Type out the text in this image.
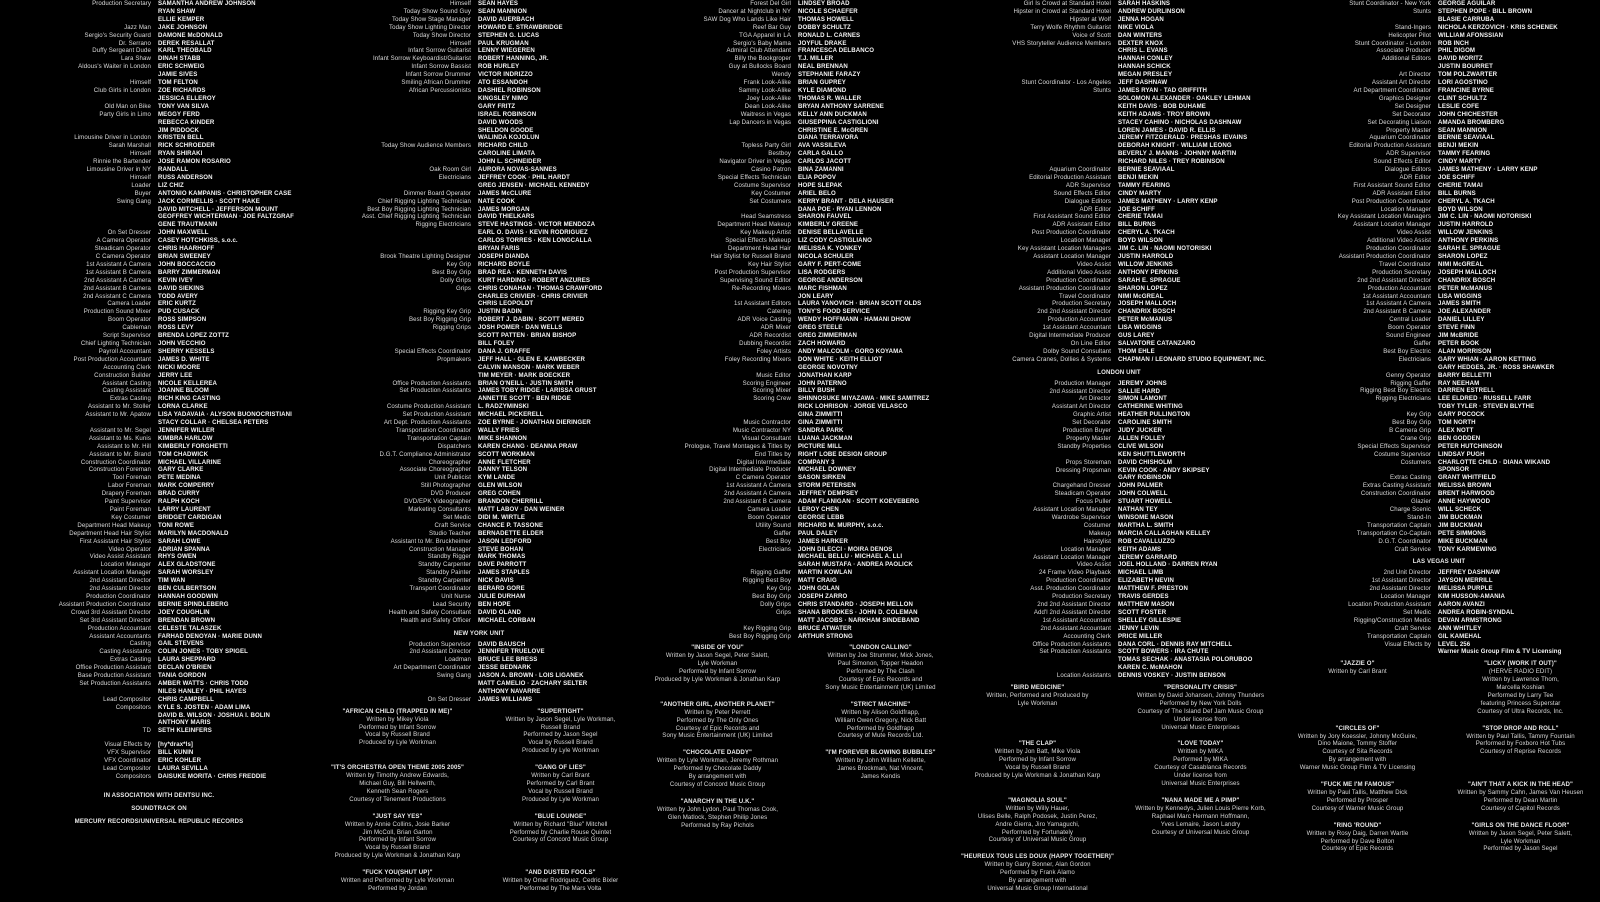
Production Secretary	SAMANTHA ANDREW JOHNSON
RYAN SHAW
ELLIE KEMPER
Jazz Man	JAKE JOHNSON
Sergio's Security Guard	DAMONE McDONALD
Dr. Serrano	DEREK RESALLAT
Duffy Sergeant Dude	KARL THEOBALD
Lara Shaw	DINAH STABB
Aldous's Waiter in London	ERIC SCHWEIG
JAMIE SIVES
Himself	TOM FELTON
Club Girls in London	ZOE RICHARDS
JESSICA ELLEROY
Old Man on Bike	TONY VAN SILVA
Party Girls in Limo	MEGGY FERD
REBECCA KINDER
JIM PIDDOCK
Limousine Driver in London	KRISTEN BELL
Sarah Marshall	RICK SCHROEDER
Himself	RYAN SHIRAKI
Rinnie the Bartender	JOSE RAMON ROSARIO
Limousine Driver in NY	RANDALL
Himself	RUSS ANDERSON
Loader	LIZ CHIZ
Buyer	ANTONIO KAMPANIS · CHRISTOPHER CASE
Swing Gang	JACK CORMELLIS · SCOTT HAKE
DAVID MITCHELL · JEFFERSON MOUNT
GEOFFREY WICHTERMAN · JOE FALTZGRAF
GENE TRAUTMANN
On Set Dresser	JOHN MAXWELL
A Camera Operator	CASEY HOTCHKISS, s.o.c.
Steadicam Operator	CHRIS HAARHOFF
C Camera Operator	BRIAN SWEENEY
1st Assistant A Camera	JOHN BOCCACCIO
1st Assistant B Camera	BARRY ZIMMERMAN
2nd Assistant A Camera	KEVIN IVEY
2nd Assistant B Camera	DAVID SIEKINS
2nd Assistant C Camera	TODD AVERY
Camera Loader	ERIC KURTZ
Production Sound Mixer	PUD CUSACK
Boom Operator	ROSS SIMPSON
Cableman	ROSS LEVY
Script Supervisor	BRENDA LOPEZ ZOTTZ
Chief Lighting Technician	JOHN VECCHIO
Payroll Accountant	SHERRY KESSELS
Post Production Accountant	JAMES D. WHITE
Accounting Clerk	NICKI MOORE
Construction Builder	JERRY LEE
Assistant Casting	NICOLE KELLEREA
Casting Assistant	JOANNE BLOOM
Extras Casting	RICH KING CASTING
Assistant to Mr. Stoller	LORNA CLARKE
Assistant to Mr. Apatow	LISA YADAVAIA · ALYSON BUONOCRISTIANI
STACY COLLAR · CHELSEA PETERS
Assistant to Mr. Segel	JENNIFER WILLER
Assistant to Ms. Kunis	KIMBRA HARLOW
Assistant to Mr. Hill	KIMBERLY FORGHETTI
Assistant to Mr. Brand	TOM CHADWICK
Construction Coordinator	MICHAEL VILLARINE
Construction Foreman	GARY CLARKE
Tool Foreman	PETE MEDINA
Labor Foreman	MARK COMPERRY
Drapery Foreman	BRAD CURRY
Paint Supervisor	RALPH KOCH
Paint Foreman	LARRY LAURENT
Key Costumer	BRIDGET CARDIGAN
Department Head Makeup	TONI ROWE
Department Head Hair Stylist	MARILYN MACDONALD
First Assistant Hair Stylist	SARAH LOWE
Video Operator	ADRIAN SPANNA
Video Assist Assistant	RHYS OWEN
Location Manager	ALEX GLADSTONE
Assistant Location Manager	SARAH WORSLEY
2nd Assistant Director	TIM WAN
2nd Assistant Director	BEN CULBERTSON
Production Coordinator	HANNAH GOODWIN
Assistant Production Coordinator	BERNIE SPINDLEBERG
Crowd 3rd Assistant Director	JOEY COUGHLIN
Set 3rd Assistant Director	BRENDAN BROWN
Production Accountant	CELESTE TALASZEK
Assistant Accountants	FARHAD DENOYAN · MARIE DUNN
Casting	GAIL STEVENS
Casting Assistants	COLIN JONES · TOBY SPIGEL
Extras Casting	LAURA SHEPPARD
Office Production Assistant	DECLAN O'BRIEN
Base Production Assistant	TANIA GORDON
Set Production Assistants	AMBER WATTS · CHRIS TODD
NILES HANLEY · PHIL HAYES
Lead Compositor	CHRIS CAMPBELL
Compositors	KYLE S. JOSTEN · ADAM LIMA
DAVID B. WILSON · JOSHUA I. BOLIN
ANTHONY MARIS
TD	SETH KLEINFERS
Visual Effects by	[hy*drax*ls]
VFX Supervisor	BILL KUNIN
VFX Coordinator	ERIC KOHLER
Lead Compositor	LAURA SEVILLA
Compositors	DAISUKE MORITA · CHRIS FREDDIE
IN ASSOCIATION WITH DENTSU INC.
SOUNDTRACK ON
MERCURY RECORDS/UNIVERSAL REPUBLIC RECORDS
Himself	SEAN HAYES
Today Show Sound Guy	SEAN MANNION
Today Show Stage Manager	DAVID AUERBACH
Today Show Lighting Director	HOWARD E. STRAWBRIDGE
Today Show Director	STEPHEN G. LUCAS
Himself	PAUL KRUGMAN
Infant Sorrow Guitarist	LENNY WIEGEREN
Infant Sorrow Keyboardist/Guitarist	ROBERT HANNING, JR.
Infant Sorrow Bassist	ROB HURLEY
Infant Sorrow Drummer	VICTOR INDRIZZO
Smiling African Drummer	ATO ESSANDOH
African Percussionists	DASHIEL ROBINSON
KINGSLEY NIMO
GARY FRITZ
ISRAEL ROBINSON
DAVID WOODS
SHELDON GOODE
WALINDA KOJOLUN
Today Show Audience Members	RICHARD CHILD
CAROLINE LIMATA
JOHN L. SCHNEIDER
Oak Room Girl	AURORA NOVAS-SANNES
Electricians	JEFFREY COOK · PHIL HARDT
GREG JENSEN · MICHAEL KENNEDY
Dimmer Board Operator	JAMES McCLURE
Chief Rigging Lighting Technician	NATE COOK
Best Boy Rigging Lighting Technician	JAMES MORGAN
Asst. Chief Rigging Lighting Technician	DAVID THIELKARS
Rigging Electricians	STEVE HASTINGS · VICTOR MENDOZA
EARL O. DAVIS · KEVIN RODRIGUEZ
CARLOS TORRES · KEN LONGCALLA
BRYAN FARIS
Brook Theatre Lighting Designer	JOSEPH DIANDA
Key Grip	RICHARD BOYLE
Best Boy Grip	BRAD REA · KENNETH DAVIS
Dolly Grips	KURT HARDING · ROBERT ANZURES
Grips	CHRIS CONAHAN · THOMAS CRAWFORD
CHARLES CRIVIER · CHRIS CRIVIER
CHRIS LEOPOLDT
Rigging Key Grip	JUSTIN BADIN
Best Boy Rigging Grip	ROBERT J. DABIN · SCOTT MERED
Rigging Grips	JOSH POMER · DAN WELLS
SCOTT PATTEN · BRIAN BISHOP
BILL FOLEY
Special Effects Coordinator	DANA J. GRAFFE
Propmakers	JEFF HALL · GLEN E. KAWBECKER
CALVIN MANSON · MARK WEBER
TIM MEYER · MARK BOECKER
Office Production Assistants	BRIAN O'NEILL · JUSTIN SMITH
Set Production Assistants	JAMES TOBY RIDGE · LARISSA GRUST
ANNETTE SCOTT · BEN RIDGE
Costume Production Assistant	L. RADZYMINSKI
Set Production Assistant	MICHAEL PICKERELL
Art Dept. Production Assistants	ZOE BYRNE · JONATHAN DIERINGER
Transportation Coordinator	WALLY FRIES
Transportation Captain	MIKE SHANNON
Dispatchers	KAREN CHANG · DEANNA PRAW
D.G.T. Compliance Administrator	SCOTT WORKMAN
Choreographer	ANNE FLETCHER
Associate Choreographer	DANNY TELSON
Unit Publicist	KYM LANDE
Still Photographer	GLEN WILSON
DVD Producer	GREG COHEN
DVD/EPK Videographer	BRANDON CHERRILL
Marketing Consultants	MATT LABOV · DAN WEINER
Set Medic	DIDI M. WIRTLE
Craft Service	CHANCE P. TASSONE
Studio Teacher	BERNADETTE ELDER
Assistant to Mr. Bruckheimer	JASON LEDFORD
Construction Manager	STEVE BOHAN
Standby Rigger	MARK THOMAS
Standby Carpenter	DAVE PARROTT
Standby Painter	JAMES STAPLES
Standby Carpenter	NICK DAVIS
Transport Coordinator	BERARD GORE
Unit Nurse	JULIE DURHAM
Lead Security	BEN HOPE
Health and Safety Consultant	DAVID OLAND
Health and Safety Officer	MICHAEL CORBAN
NEW YORK UNIT
Production Supervisor	DAVID BAUSCH
2nd Assistant Director	JENNIFER TRUELOVE
Loadman	BRUCE LEE BRESS
Art Department Coordinator	JESSE BEDNARK
Swing Gang	JASON A. BROWN · LOIS LIGANEK
MATT CAMELIO · ZACHARY SELTER
ANTHONY NAVARRE
On Set Dresser	JAMES WILLIAMS
"AFRICAN CHILD (TRAPPED IN ME)"
Written by Mikey Viola
Performed by Infant Sorrow
Vocal by Russell Brand
Produced by Lyle Workman
"SUPERTIGHT"
Written by Jason Segel, Lyle Workman,
Russell Brand
Performed by Jason Segel
Vocal by Russell Brand
Produced by Lyle Workman
"IT'S ORCHESTRA OPEN THEME 2005 2005"
Written by Timothy Andrew Edwards,
Michael Guy, Bill Hellwerth,
Kenneth Sean Rogers
Courtesy of Tenement Productions
"GANG OF LIES"
Written by Carl Brant
Performed by Carl Brant
Vocal by Russell Brand
Produced by Lyle Workman
"JUST SAY YES"
Written by Annie Collins, Josie Barker
Jim McColl, Brian Garton
Performed by Infant Sorrow
Vocal by Russell Brand
Produced by Lyle Workman & Jonathan Karp
"BLUE LOUNGE"
Written by Richard "Blue" Mitchell
Performed by Charlie Rouse Quintet
Courtesy of Concord Music Group
"FUCK YOU(SHUT UP)"
Written and Performed by Lyle Workman
Performed by Jordan
"AND DUSTED FOOLS"
Written by Omar Rodriguez, Cedric Bixler
Performed by The Mars Volta
Forest Del Girl	LINDSEY BROAD
Dancer at Nightclub in NY	NICOLE SCHAEFER
SAW Dog Who Lands Like Hair	THOMAS HOWELL
Reef Bar Guy	DOBBY SCHULTZ
TGA Apparel in LA	RONALD L. CARNES
Sergio's Baby Mama	JOYFUL DRAKE
Admiral Club Attendant	FRANCESCA DELBANCO
Billy the Bookgroper	T.J. MILLER
Guy at Bullocks Board	NEAL BRENNAN
Wendy	STEPHANIE FARAZY
Frank Look-Alike	BRIAN GUPREY
Sammy Look-Alike	KYLE DIAMOND
Joey Look-Alike	THOMAS R. WALLER
Dean Look-Alike	BRYAN ANTHONY SARRENE
Waitress in Vegas	KELLY ANN DUCKMAN
Lap Dancers in Vegas	GIUSEPPINA CASTIGLIONI
CHRISTINE E. McGREN
DIANA TERRAVORA
Topless Party Girl	AVA VASSILEVA
Bestboy	CARLA GALLO
Navigator Driver in Vegas	CARLOS JACOTT
Casino Patron	BINA ZAMANNI
Special Effects Technician	ELIA POPOV
Costume Supervisor	HOPE SLEPAK
Key Costumer	ARIEL BELO
Set Costumers	KERRY BRANT · DELA HAUSER
DANA POE · RYAN LENNON
Head Seamstress	SHARON FAUVEL
Department Head Makeup	KIMBERLY GREENE
Key Makeup Artist	DENISE BELLAVELLE
Special Effects Makeup	LIZ CODY CASTIGLIANO
Department Head Hair	MELISSA K. YONKEY
Hair Stylist for Russell Brand	NICOLA SCHULER
Key Hair Stylist	GARY F. PERT-COME
Post Production Supervisor	LISA RODGERS
Supervising Sound Editor	GEORGE ANDERSON
Re-Recording Mixers	MARC FISHMAN
JON LEARY
1st Assistant Editors	LAURA YANOVICH · BRIAN SCOTT OLDS
Catering	TONY'S FOOD SERVICE
ADR Voice Casting	WENDY HOFFMANN · HAMANI DHOW
ADR Mixer	GREG STEELE
ADR Recordist	GREG ZIMMERMAN
Dubbing Recordist	ZACH HOWARD
Foley Artists	ANDY MALCOLM · GORO KOYAMA
Foley Recording Mixers	DON WHITE · KEITH ELLIOT
GEORGE NOVOTNY
Music Editor	JONATHAN KARP
Scoring Engineer	JOHN PATERNO
Scoring Mixer	BILLY BUSH
Scoring Crew	SHINNOSUKE MIYAZAWA · MIKE SAMITREZ
RICK LOHRISON · JORGE VELASCO
GINA ZIMMITTI
Music Contractor	GINA ZIMMITTI
Music Contractor NY	SANDRA PARK
Visual Consultant	LUANA JACKMAN
Prologue, Travel Montages & Titles by	PICTURE MILL
End Titles by	RIGHT LOBE DESIGN GROUP
Digital Intermediate	COMPANY 3
Digital Intermediate Producer	MICHAEL DOWNEY
C Camera Operator	SASON SIRKEN
1st Assistant A Camera	STORM PETERSEN
2nd Assistant A Camera	JEFFREY DEMPSEY
2nd Assistant B Camera	ADAM FLANIGAN · SCOTT KOEVEBERG
Camera Loader	LEROY CHEN
Boom Operator	GEORGE LEBB
Utility Sound	RICHARD M. MURPHY, s.o.c.
Gaffer	PAUL DALEY
Best Boy	JAMES HARKER
Electricians	JOHN DILECCI · MOIRA DENOS
MICHAEL BELLU · MICHAEL A. LLI
SARAH MUSTAFA · ANDREA PAOLICK
Rigging Gaffer	MARTIN KOWLAN
Rigging Best Boy	MATT CRAIG
Key Grip	JOHN GOLAN
Best Boy Grip	JOSEPH ZARRO
Dolly Grips	CHRIS STANDARD · JOSEPH MELLON
Grips	SHANA BROOKES · JOHN D. COLEMAN
MATT JACOBS · NARKHAM SINDEBAND
Key Rigging Grip	BRUCE ATWATER
Best Boy Rigging Grip	ARTHUR STRONG
"INSIDE OF YOU"
Written by Jason Segel, Peter Salett,
Lyle Workman
Performed by Infant Sorrow
Produced by Lyle Workman & Jonathan Karp
"LONDON CALLING"
Written by Joe Strummer, Mick Jones,
Paul Simonon, Topper Headon
Performed by The Clash
Courtesy of Epic Records and
Sony Music Entertainment (UK) Limited
"ANOTHER GIRL, ANOTHER PLANET"
Written by Peter Perrett
Performed by The Only Ones
Courtesy of Epic Records and
Sony Music Entertainment (UK) Limited
"STRICT MACHINE"
Written by Alison Goldfrapp,
William Owen Gregory, Nick Batt
Performed by Goldfrapp
Courtesy of Mute Records Ltd.
"CHOCOLATE DADDY"
Written by Lyle Workman, Jeremy Rothman
Performed by Chocolate Daddy
By arrangement with
Courtesy of Concord Music Group
"I'M FOREVER BLOWING BUBBLES"
Written by John William Kellette,
James Brockman, Nat Vincent,
James Kendis
"ANARCHY IN THE U.K."
Written by John Lydon, Paul Thomas Cook,
Glen Matlock, Stephen Philip Jones
Performed by Ray Pichols
Girl Is Crowd at Standard Hotel	SARAH HASKINS
Hipster in Crowd at Standard Hotel	ANDREW DURLINSON
Hipster at Wolf	JENNA HOGAN
Terry Wolfe Rhythm Guitarist	NIKE VIOLA
Voice of Scott	DAN WINTERS
VHS Storyteller Audience Members	DEXTER KNOX
CHRIS L. EVANS
HANNAH CONLEY
HANNAH SCHICK
MEGAN PRESLEY
Stunt Coordinator - Los Angeles	JEFF DASHNAW
Stunts	JAMES RYAN · TAD GRIFFITH
SOLOMON ALEXANDER · OAKLEY LEHMAN
KEITH DAVIS · BOB DUHAME
KEITH ADAMS · TROY BROWN
STACEY CAHINO · NICHOLAS DASHNAW
LOREN JAMES · DAVID R. ELLIS
JEREMY FITZGERALD · PRESHAS IEVAINS
DEBORAH KNIGHT · WILLIAM LEONG
BEVERLY J. MANNS · JOHNNY MARTIN
RICHARD NILES · TREY ROBINSON
Aquarium Coordinator	BERNIE SEAVIAAL
Editorial Production Assistant	BENJI MEKIN
ADR Supervisor	TAMMY FEARING
Sound Effects Editor	CINDY MARTY
Dialogue Editors	JAMES MATHENY · LARRY KENP
ADR Editor	JOE SCHIFF
First Assistant Sound Editor	CHERIE TAMAI
ADR Assistant Editor	BILL BURNS
Post Production Coordinator	CHERYL A. TKACH
Location Manager	BOYD WILSON
Key Assistant Location Managers	JIM C. LIN · NAOMI NOTORISKI
Assistant Location Manager	JUSTIN HARROLD
Video Assist	WILLOW JENKINS
Additional Video Assist	ANTHONY PERKINS
Production Coordinator	SARAH E. SPRAGUE
Assistant Production Coordinator	SHARON LOPEZ
Travel Coordinator	NIMI McGREAL
Production Secretary	JOSEPH MALLOCH
2nd 2nd Assistant Director	CHANDRIX BOSCH
Production Accountant	PETER McMANUS
1st Assistant Accountant	LISA WIGGINS
Digital Intermediate Producer	GUS LAREY
On Line Editor	SALVATORE CATANZARO
Dolby Sound Consultant	THOM EHLE
Camera Cranes, Dollies & Systems	CHAPMAN / LEONARD STUDIO EQUIPMENT, INC.
LONDON UNIT
Production Manager	JEREMY JOHNS
2nd Assistant Director	SALLIE HARD
Art Director	SIMON LAMONT
Assistant Art Director	CATHERINE WHITING
Graphic Artist	HEATHER PULLINGTON
Set Decorator	CAROLINE SMITH
Production Buyer	JUDY JUCKER
Property Master	ALLEN FOLLEY
Standby Properties	CLIVE WILSON
KEN SHUTTLEWORTH
Props Storeman	DAVID CHISHOLM
Dressing Propsman	KEVIN COOK · ANDY SKIPSEY
GARY ROBINSON
Chargehand Dresser	JOHN PALMER
Steadicam Operator	JOHN COLWELL
Focus Puller	STUART HOWELL
Assistant Location Manager	NATHAN TEY
Wardrobe Supervisor	WINSOME MASON
Costumer	MARTHA L. SMITH
Makeup	MARCIA CALLAGHAN KELLEY
Hairstylist	ROB CAVALLUZZO
Location Manager	KEITH ADAMS
Assistant Location Manager	JEREMY GARRARD
Video Assist	JOEL HOLLAND · DARREN RYAN
24 Frame Video Playback	MICHAEL LIMB
Production Coordinator	ELIZABETH NEVIN
Asst. Production Coordinator	MATTHEW F. PRESTON
Production Secretary	TRAVIS GERDES
2nd 2nd Assistant Director	MATTHEW MASON
Add'l 2nd Assistant Director	SCOTT FOSTER
1st Assistant Accountant	SHELLEY GILLESPIE
2nd Assistant Accountant	JENNY LEVIN
Accounting Clerk	PRICE MILLER
Office Production Assistants	DANA CORL · DENNIS RAY MITCHELL
Set Production Assistants	SCOTT BOWERS · IRA CHUTE
TOMAS SECHAK · ANASTASIA POLORUBOO
KAREN C. McMAHON
Location Assistants	DENNIS VOSKEY · JUSTIN BENSON
"BIRD MEDICINE"
Written, Performed and Produced by
Lyle Workman
"PERSONALITY CRISIS"
Written by David Johansen, Johnny Thunders
Performed by New York Dolls
Courtesy of The Island Def Jam Music Group
Under license from
Universal Music Enterprises
"THE CLAP"
Written by Jon Batt, Mike Viola
Performed by Infant Sorrow
Vocal by Russell Brand
Produced by Lyle Workman & Jonathan Karp
"LOVE TODAY"
Written by MIKA
Performed by MIKA
Courtesy of Casablanca Records
Under license from
Universal Music Enterprises
"MAGNOLIA SOUL"
Written by Willy Hauer,
Ulises Belle, Ralph Podosek, Justin Perez,
Andre Gierra, Jiro Yamaguchi,
Performed by Fortunately
Courtesy of Universal Music Group
"NANA MADE ME A PIMP"
Written by Kennedys, Julien Louis Pierre Korb,
Raphael Marc Hermann Hoffmann,
Yves Lemaire, Jason Landry
Courtesy of Universal Music Group
"HEUREUX TOUS LES DOUX (HAPPY TOGETHER)"
Written by Garry Bonner, Alan Gordon
Performed by Frank Alamo
By arrangement with
Universal Music Group International
Stunt Coordinator - New York	GEORGE AGUILAR
Stunts	STEPHEN POPE · BILL BROWN
BLASIE CARRUBA
Stand-Ingers	NICHOLA KERZOVICH · KRIS SCHENEK
Helicopter Pilot	WILLIAM AFONSSIAN
Stunt Coordinator - London	ROB INCH
Associate Producer	PHIL DIGOM
Additional Editors	DAVID MORITZ
JUSTIN BOURRET
Art Director	TOM POLZWARTER
Assistant Art Director	LORI AGOSTINO
Art Department Coordinator	FRANCINE BYRNE
Graphics Designer	CLINT SCHULTZ
Set Designer	LESLIE COFE
Set Decorator	JOHN CHICHESTER
Set Decorating Liaison	AMANDA BROMBERG
Property Master	SEAN MANNION
Aquarium Coordinator	BERNIE SEAVIAAL
Editorial Production Assistant	BENJI MEKIN
ADR Supervisor	TAMMY FEARING
Sound Effects Editor	CINDY MARTY
Dialogue Editors	JAMES MATHENY · LARRY KENP
ADR Editor	JOE SCHIFF
First Assistant Sound Editor	CHERIE TAMAI
ADR Assistant Editor	BILL BURNS
Post Production Coordinator	CHERYL A. TKACH
Location Manager	BOYD WILSON
Key Assistant Location Managers	JIM C. LIN · NAOMI NOTORISKI
Assistant Location Manager	JUSTIN HARROLD
Video Assist	WILLOW JENKINS
Additional Video Assist	ANTHONY PERKINS
Production Coordinator	SARAH E. SPRAGUE
Assistant Production Coordinator	SHARON LOPEZ
Travel Coordinator	NIMI McGREAL
Production Secretary	JOSEPH MALLOCH
2nd 2nd Assistant Director	CHANDRIX BOSCH
Production Accountant	PETER McMANUS
1st Assistant Accountant	LISA WIGGINS
1st Assistant A Camera	JAMES SMITH
2nd Assistant B Camera	JOE ALEXANDER
Central Loader	DANIEL LILLEY
Boom Operator	STEVE FINN
Sound Engineer	JIM McBRIDE
Gaffer	PETER BOOK
Best Boy Electric	ALAN MORRISON
Electricians	GARY WHIAN · AARON KETTING
GARY HEDGES, JR. · ROSS SHAWKER
Genny Operator	BARRY BELLETTI
Rigging Gaffer	RAY NEEHAM
Rigging Best Boy Electric	DARREN ESTRELL
Rigging Electricians	LEE ELDRED · RUSSELL FARR
TOBY TYLER · STEVEN BLYTHE
Key Grip	GARY POCOCK
Best Boy Grip	TOM NORTH
B Camera Grip	ALEX NOTT
Crane Grip	BEN GODDEN
Special Effects Supervisor	PETER HUTCHINSON
Costume Supervisor	LINDSAY PUGH
Costumers	CHARLOTTE CHILD · DIANA WIKAND
SPONSOR
Extras Casting	GRANT WHITFIELD
Extras Casting Assistant	MELISSA BROWN
Construction Coordinator	BRENT HARWOOD
Glazier	ANNE HAYWOOD
Charge Scenic	WILL SCHECK
Stand-In	JIM BUCKMAN
Transportation Captain	JIM BUCKMAN
Transportation Co-Captain	PETE SIMMONS
D.G.T. Coordinator	MIKE BUCKMAN
Craft Service	TONY KARMEWING
LAS VEGAS UNIT
2nd Unit Director	JEFFREY DASHNAW
1st Assistant Director	JAYSON MERRILL
2nd Assistant Director	MELISSA PURPLE
Location Manager	KIM HUSSON-AMANIA
Location Production Assistant	AARON AVANZI
Set Medic	ANDREA ROBIN-SYNDAL
Rigging/Construction Medic	DEVAN ARMSTRONG
Craft Service	ANN WHITLEY
Transportation Captain	GIL KAMEHAL
Visual Effects by	LEVEL 256
Warner Music Group Film & TV Licensing
"JAZZIE O"
Written by Carl Brant
"LICKY (WORK IT OUT)"
(HERVE RADIO EDIT)
Written by Lawrence Thom,
Marcella Koshian
Performed by Larry Tee
featuring Princess Superstar
Courtesy of Ultra Records, Inc.
"CIRCLES OF"
Written by Jory Koessler, Johnny McGuire,
Dino Maione, Tommy Stoffer
Courtesy of Sita Records
By arrangement with
Warner Music Group Film & TV Licensing
"STOP DROP AND ROLL"
Written by Paul Tallis, Tammy Fountain
Performed by Foxboro Hot Tubs
Courtesy of Reprise Records
"FUCK ME I'M FAMOUS"
Written by Paul Tallis, Matthew Dick
Performed by Prosper
Courtesy of Warner Music Group
"AIN'T THAT A KICK IN THE HEAD"
Written by Sammy Cahn, James Van Heusen
Performed by Dean Martin
Courtesy of Capitol Records
"RING 'ROUND"
Written by Rosy Daig, Darren Wartle
Performed by Dave Bolton
Courtesy of Epic Records
"GIRLS ON THE DANCE FLOOR"
Written by Jason Segel, Peter Salett,
Lyle Workman
Performed by Jason Segel
